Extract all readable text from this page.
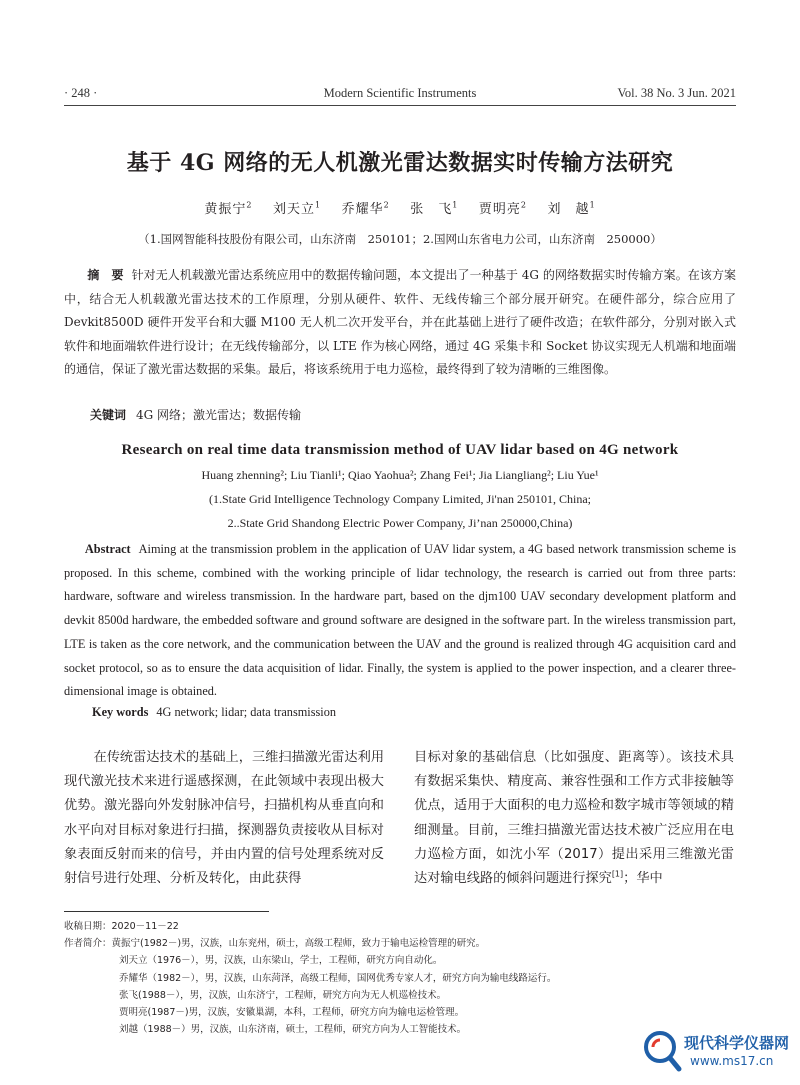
· 248 ·	Modern Scientific Instruments	Vol. 38 No. 3 Jun. 2021
基于 4G 网络的无人机激光雷达数据实时传输方法研究
黄振宁$^2$ 刘天立$^1$ 乔耀华$^2$ 张　飞$^1$ 贾明亮$^2$ 刘　越$^1$
（1.国网智能科技股份有限公司，山东济南　250101；2.国网山东省电力公司，山东济南　250000）
摘　要 针对无人机载激光雷达系统应用中的数据传输问题，本文提出了一种基于 4G 的网络数据实时传输方案。在该方案中，结合无人机载激光雷达技术的工作原理，分别从硬件、软件、无线传输三个部分展开研究。在硬件部分，综合应用了 Devkit8500D 硬件开发平台和大疆 M100 无人机二次开发平台，并在此基础上进行了硬件改造；在软件部分，分别对嵌入式软件和地面端软件进行设计；在无线传输部分，以 LTE 作为核心网络，通过 4G 采集卡和 Socket 协议实现无人机端和地面端的通信，保证了激光雷达数据的采集。最后，将该系统用于电力巡检，最终得到了较为清晰的三维图像。
关键词 4G 网络；激光雷达；数据传输
Research on real time data transmission method of UAV lidar based on 4G network
Huang zhenning²; Liu Tianli¹; Qiao Yaohua²; Zhang Fei¹; Jia Liangliang²; Liu Yue¹
(1.State Grid Intelligence Technology Company Limited, Ji'nan 250101, China;
2..State Grid Shandong Electric Power Company, Ji’nan 250000,China)
Abstract Aiming at the transmission problem in the application of UAV lidar system, a 4G based network transmission scheme is proposed. In this scheme, combined with the working principle of lidar technology, the research is carried out from three parts: hardware, software and wireless transmission. In the hardware part, based on the djm100 UAV secondary development platform and devkit 8500d hardware, the embedded software and ground software are designed in the software part. In the wireless transmission part, LTE is taken as the core network, and the communication between the UAV and the ground is realized through 4G acquisition card and socket protocol, so as to ensure the data acquisition of lidar. Finally, the system is applied to the power inspection, and a clearer three-dimensional image is obtained.
Key words 4G network; lidar; data transmission
在传统雷达技术的基础上，三维扫描激光雷达利用现代激光技术来进行遥感探测，在此领域中表现出极大优势。激光器向外发射脉冲信号，扫描机构从垂直向和水平向对目标对象进行扫描，探测器负责接收从目标对象表面反射而来的信号，并由内置的信号处理系统对反射信号进行处理、分析及转化，由此获得
目标对象的基础信息（比如强度、距离等）。该技术具有数据采集快、精度高、兼容性强和工作方式非接触等优点，适用于大面积的电力巡检和数字城市等领域的精细测量。目前，三维扫描激光雷达技术被广泛应用在电力巡检方面，如沈小军（2017）提出采用三维激光雷达对输电线路的倾斜问题进行探究[1]；华中
收稿日期：2020－11－22
作者简介：黄振宁(1982－)男，汉族，山东兖州，硕士，高级工程师，致力于输电运检管理的研究。
刘天立（1976－），男，汉族，山东梁山，学士，工程师，研究方向自动化。
乔耀华（1982－），男，汉族，山东菏泽，高级工程师，国网优秀专家人才，研究方向为输电线路运行。
张飞(1988－），男，汉族，山东济宁，工程师，研究方向为无人机巡检技术。
贾明亮(1987－)男，汉族，安徽巢湖，本科，工程师，研究方向为输电运检管理。
刘越（1988－）男，汉族，山东济南，硕士，工程师，研究方向为人工智能技术。
现代科学仪器网
www.ms17.cn
